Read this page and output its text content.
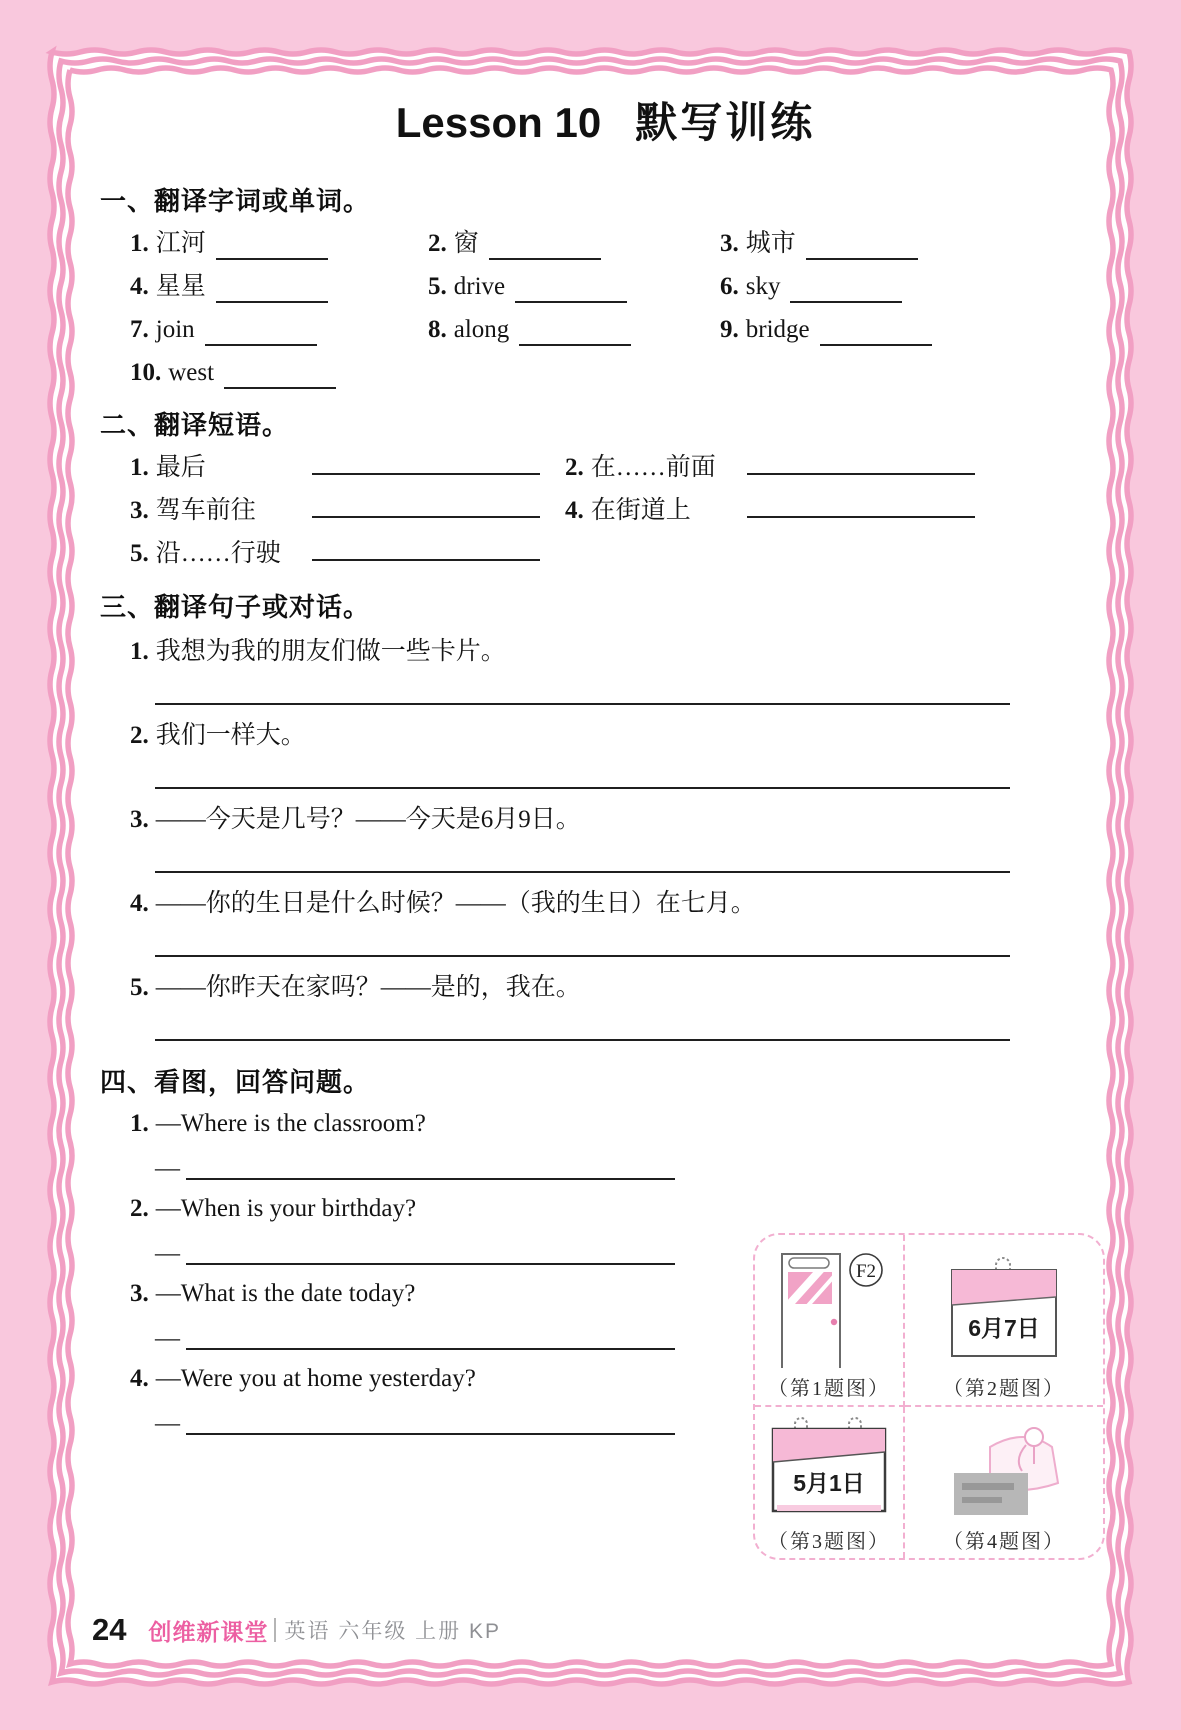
Lesson 10 默写训练
一、翻译字词或单词。
1. 江河	2. 窗	3. 城市
4. 星星	5. drive	6. sky
7. join	8. along	9. bridge
10. west
二、翻译短语。
1. 最后	2. 在……前面
3. 驾车前往	4. 在街道上
5. 沿……行驶
三、翻译句子或对话。
1. 我想为我的朋友们做一些卡片。
2. 我们一样大。
3. ——今天是几号？——今天是6月9日。
4. ——你的生日是什么时候？——（我的生日）在七月。
5. ——你昨天在家吗？——是的，我在。
四、看图，回答问题。
1. —Where is the classroom?
—
2. —When is your birthday?
—
3. —What is the date today?
—
4. —Were you at home yesterday?
—
F2
（第1题图）
6月7日
（第2题图）
5月1日
（第3题图）	（第4题图）
24 创维新课堂 英语 六年级 上册 KP
